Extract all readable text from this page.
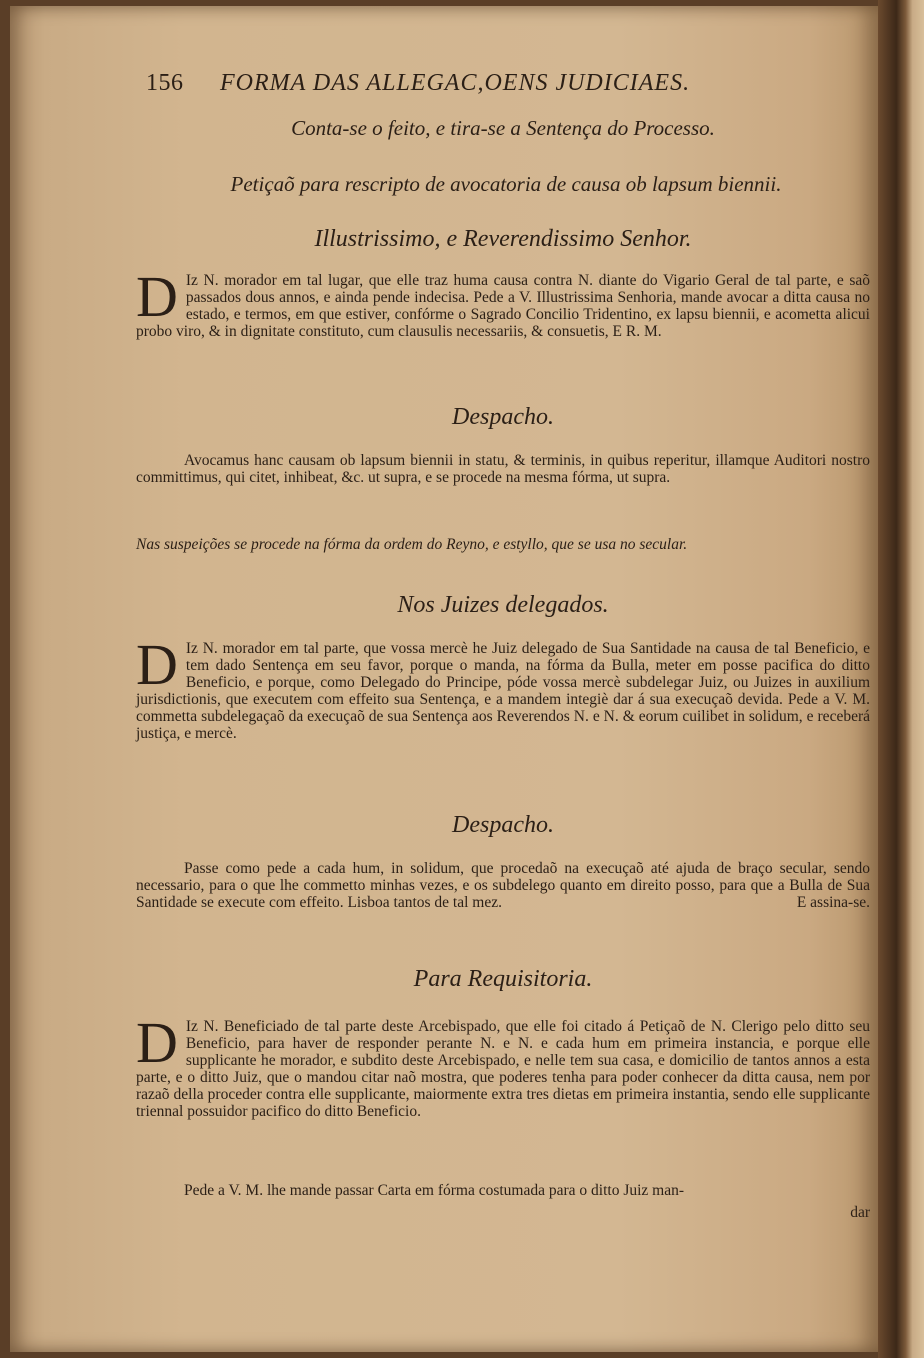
156 FORMA DAS ALLEGAC,OENS JUDICIAES.
Conta-se o feito, e tira-se a Sentença do Processo.
Petiçaõ para rescripto de avocatoria de causa ob lapsum biennii.
Illustrissimo, e Reverendissimo Senhor.
D Iz N. morador em tal lugar, que elle traz huma causa contra N. diante do Vigario Geral de tal parte, e saõ passados dous annos, e ainda pende indecisa. Pede a V. Illustrissima Senhoria, mande avocar a ditta causa no estado, e termos, em que estiver, confórme o Sagrado Concilio Tridentino, ex lapsu biennii, e acometta alicui probo viro, & in dignitate constituto, cum clausulis necessariis, & consuetis, E R. M.
Despacho.
Avocamus hanc causam ob lapsum biennii in statu, & terminis, in quibus reperitur, illamque Auditori nostro committimus, qui citet, inhibeat, &c. ut supra, e se procede na mesma fórma, ut supra.
Nas suspeições se procede na fórma da ordem do Reyno, e estyllo, que se usa no secular.
Nos Juizes delegados.
D Iz N. morador em tal parte, que vossa mercè he Juiz delegado de Sua Santidade na causa de tal Beneficio, e tem dado Sentença em seu favor, porque o manda, na fórma da Bulla, meter em posse pacifica do ditto Beneficio, e porque, como Delegado do Principe, póde vossa mercè subdelegar Juiz, ou Juizes in auxilium jurisdictionis, que executem com effeito sua Sentença, e a mandem integiè dar á sua execuçaõ devida. Pede a V. M. commetta subdelegaçaõ da execuçaõ de sua Sentença aos Reverendos N. e N. & eorum cuilibet in solidum, e receberá justiça, e mercè.
Despacho.
Passe como pede a cada hum, in solidum, que procedaõ na execuçaõ até ajuda de braço secular, sendo necessario, para o que lhe commetto minhas vezes, e os subdelego quanto em direito posso, para que a Bulla de Sua Santidade se execute com effeito. Lisboa tantos de tal mez.	E assina-se.
Para Requisitoria.
D Iz N. Beneficiado de tal parte deste Arcebispado, que elle foi citado á Petiçaõ de N. Clerigo pelo ditto seu Beneficio, para haver de responder perante N. e N. e cada hum em primeira instancia, e porque elle supplicante he morador, e subdito deste Arcebispado, e nelle tem sua casa, e domicilio de tantos annos a esta parte, e o ditto Juiz, que o mandou citar naõ mostra, que poderes tenha para poder conhecer da ditta causa, nem por razaõ della proceder contra elle supplicante, maiormente extra tres dietas em primeira instantia, sendo elle supplicante triennal possuidor pacifico do ditto Beneficio.
Pede a V. M. lhe mande passar Carta em fórma costumada para o ditto Juiz man-
dar
